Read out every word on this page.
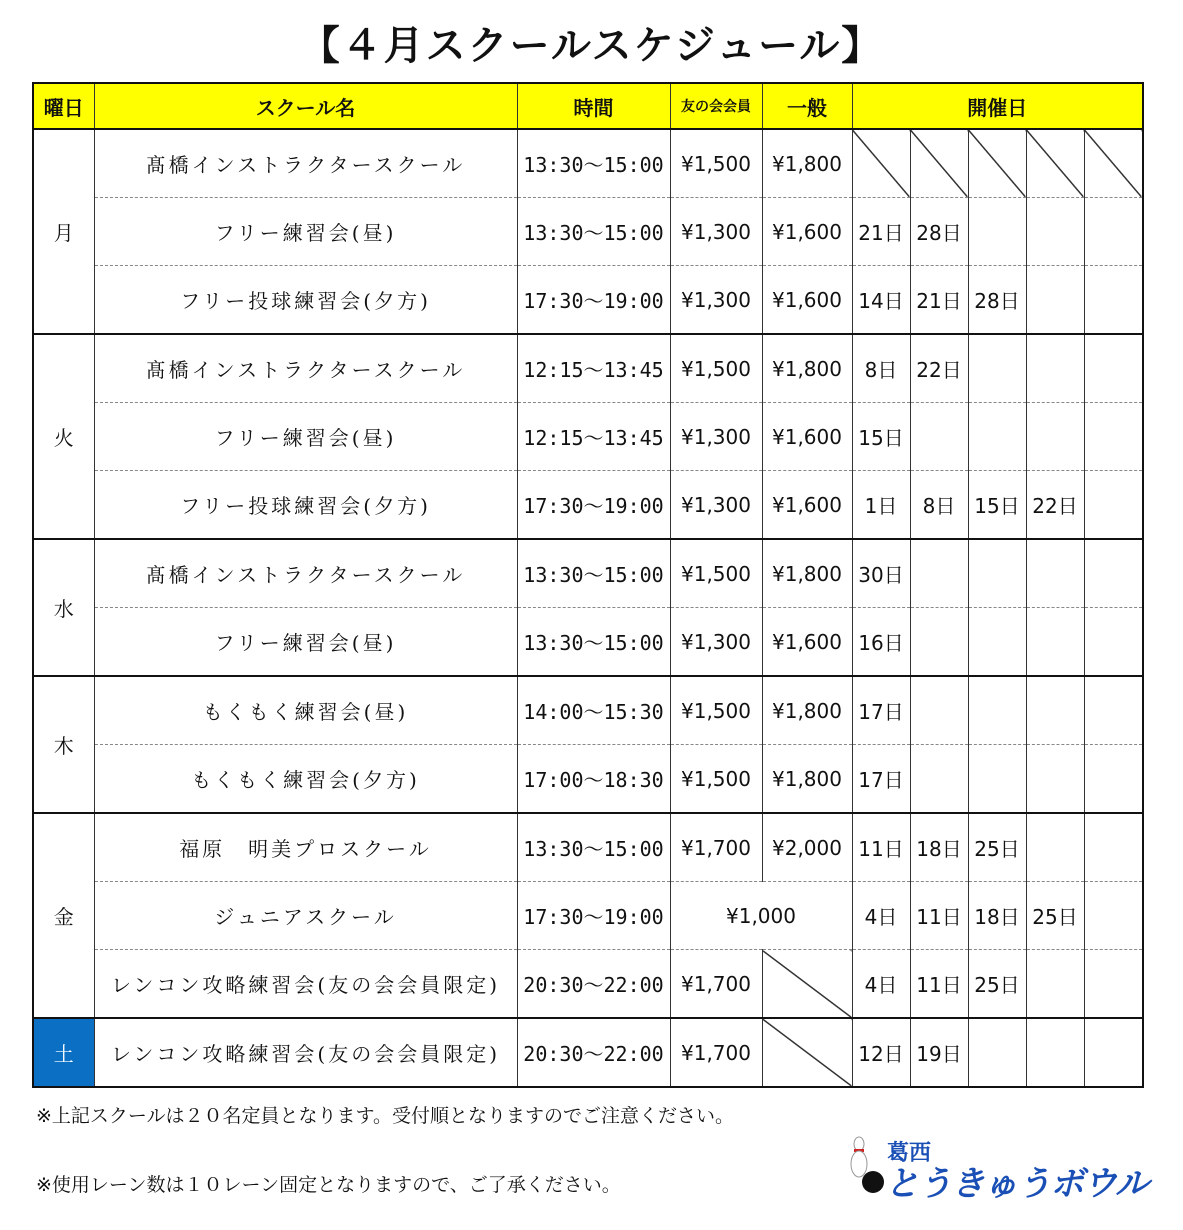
【４月スクールスケジュール】
曜日	スクール名	時間	友の会会員	一般	開催日				
月	髙橋インストラクタースクール	13:30〜15:00	¥1,500	¥1,800					
	フリー練習会(昼)	13:30〜15:00	¥1,300	¥1,600	21日	28日			
	フリー投球練習会(夕方)	17:30〜19:00	¥1,300	¥1,600	14日	21日	28日		
火	髙橋インストラクタースクール	12:15〜13:45	¥1,500	¥1,800	8日	22日			
	フリー練習会(昼)	12:15〜13:45	¥1,300	¥1,600	15日				
	フリー投球練習会(夕方)	17:30〜19:00	¥1,300	¥1,600	1日	8日	15日	22日	
水	髙橋インストラクタースクール	13:30〜15:00	¥1,500	¥1,800	30日				
	フリー練習会(昼)	13:30〜15:00	¥1,300	¥1,600	16日				
木	もくもく練習会(昼)	14:00〜15:30	¥1,500	¥1,800	17日				
	もくもく練習会(夕方)	17:00〜18:30	¥1,500	¥1,800	17日				
金	福原　明美プロスクール	13:30〜15:00	¥1,700	¥2,000	11日	18日	25日		
	ジュニアスクール	17:30〜19:00	¥1,000		4日	11日	18日	25日	
	レンコン攻略練習会(友の会会員限定)	20:30〜22:00	¥1,700		4日	11日	25日		
土	レンコン攻略練習会(友の会会員限定)	20:30〜22:00	¥1,700		12日	19日			
※上記スクールは２０名定員となります。受付順となりますのでご注意ください。
※使用レーン数は１０レーン固定となりますので、ご了承ください。
葛西
とうきゅうボウル
